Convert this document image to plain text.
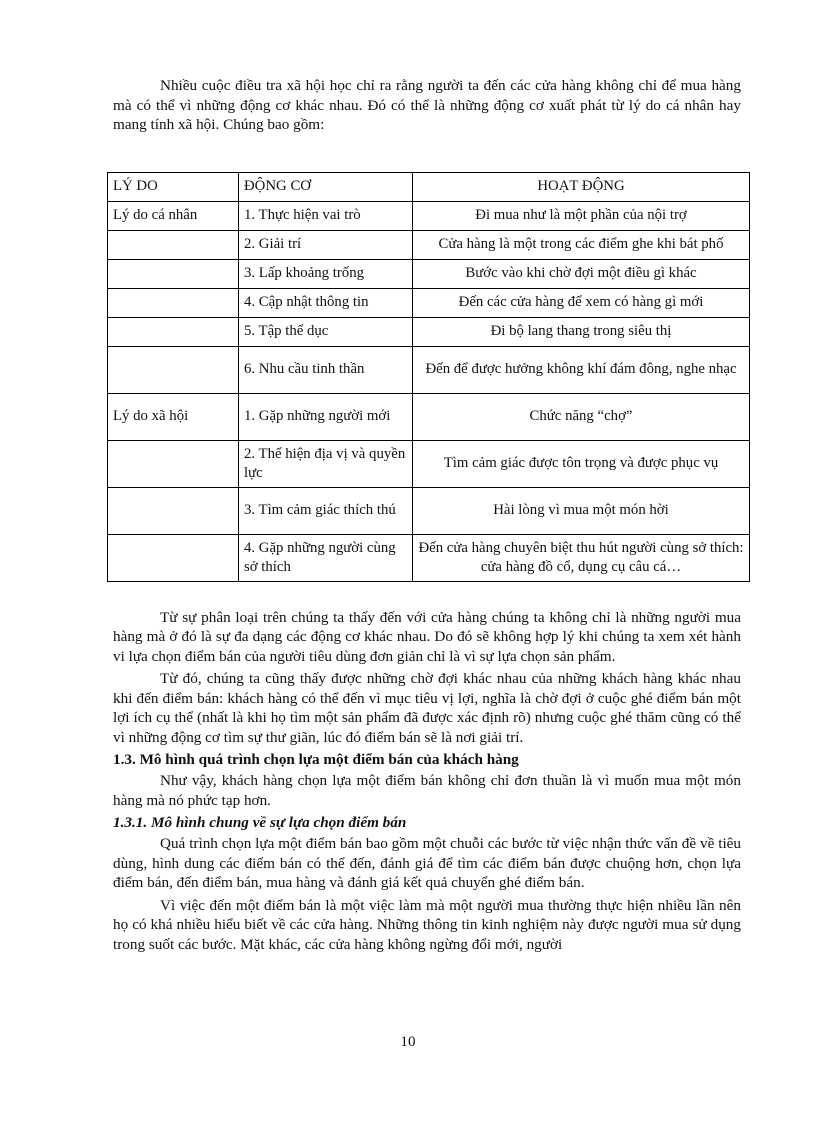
Nhiều cuộc điều tra xã hội học chỉ ra rằng người ta đến các cửa hàng không chỉ để mua hàng mà có thể vì những động cơ khác nhau. Đó có thể là những động cơ xuất phát từ lý do cá nhân hay mang tính xã hội. Chúng bao gồm:

LÝ DO	ĐỘNG CƠ	HOẠT ĐỘNG
Lý do cá nhân	1. Thực hiện vai trò	Đi mua như là một phần của nội trợ
	2. Giải trí	Cửa hàng là một trong các điểm ghe khi bát phố
	3. Lấp khoảng trống	Bước vào khi chờ đợi một điều gì khác
	4. Cập nhật thông tin	Đến các cửa hàng để xem có hàng gì mới
	5. Tập thể dục	Đi bộ lang thang trong siêu thị
	6. Nhu cầu tinh thần	Đến để được hưởng không khí đám đông, nghe nhạc
Lý do xã hội	1. Gặp những người mới	Chức năng “chợ”
	2. Thể hiện địa vị và quyền lực	Tìm cảm giác được tôn trọng và được phục vụ
	3. Tìm cảm giác thích thú	Hài lòng vì mua một món hời
	4. Gặp những người cùng sở thích	Đến cửa hàng chuyên biệt thu hút người cùng sở thích: cửa hàng đồ cổ, dụng cụ câu cá…

Từ sự phân loại trên chúng ta thấy đến với cửa hàng chúng ta không chỉ là những người mua hàng mà ở đó là sự đa dạng các động cơ khác nhau. Do đó sẽ không hợp lý khi chúng ta xem xét hành vi lựa chọn điểm bán của người tiêu dùng đơn giản chỉ là vì sự lựa chọn sản phẩm.

Từ đó, chúng ta cũng thấy được những chờ đợi khác nhau của những khách hàng khác nhau khi đến điểm bán: khách hàng có thể đến vì mục tiêu vị lợi, nghĩa là chờ đợi ở cuộc ghé điểm bán một lợi ích cụ thể (nhất là khi họ tìm một sản phẩm đã được xác định rõ) nhưng cuộc ghé thăm cũng có thể vì những động cơ tìm sự thư giãn, lúc đó điểm bán sẽ là nơi giải trí.

1.3. Mô hình quá trình chọn lựa một điểm bán của khách hàng

Như vậy, khách hàng chọn lựa một điểm bán không chỉ đơn thuần là vì muốn mua một món hàng mà nó phức tạp hơn.

1.3.1. Mô hình chung về sự lựa chọn điểm bán

Quá trình chọn lựa một điểm bán bao gồm một chuỗi các bước từ việc nhận thức vấn đề về tiêu dùng, hình dung các điểm bán có thể đến, đánh giá để tìm các điểm bán được chuộng hơn, chọn lựa điểm bán, đến điểm bán, mua hàng và đánh giá kết quả chuyển ghé điểm bán.

Vì việc đến một điểm bán là một việc làm mà một người mua thường thực hiện nhiều lần nên họ có khá nhiều hiểu biết về các cửa hàng. Những thông tin kinh nghiệm này được người mua sử dụng trong suốt các bước. Mặt khác, các cửa hàng không ngừng đổi mới, người

10
